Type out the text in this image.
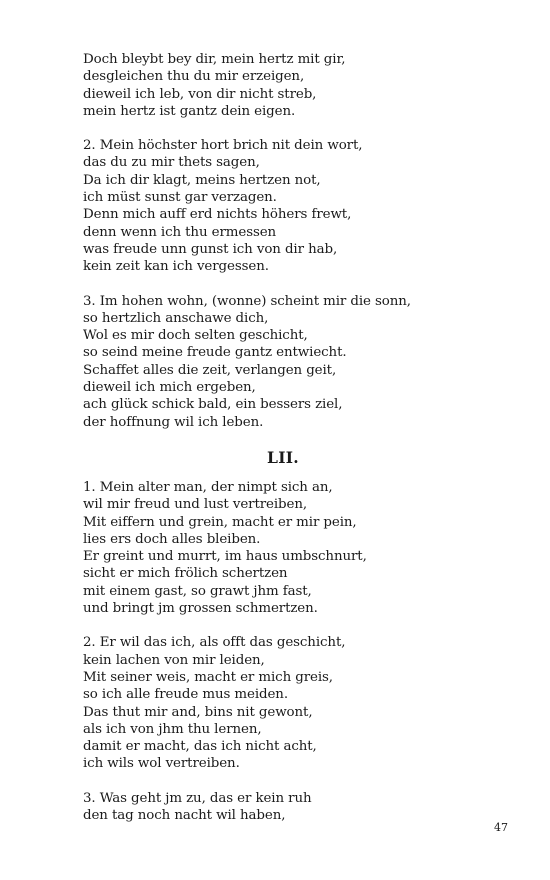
Doch bleybt bey dir, mein hertz mit gir,
desgleichen thu du mir erzeigen,
dieweil ich leb, von dir nicht streb,
mein hertz ist gantz dein eigen.
2. Mein höchster hort brich nit dein wort,
das du zu mir thets sagen,
Da ich dir klagt, meins hertzen not,
ich müst sunst gar verzagen.
Denn mich auff erd nichts höhers frewt,
denn wenn ich thu ermessen
was freude unn gunst ich von dir hab,
kein zeit kan ich vergessen.
3. Im hohen wohn, (wonne) scheint mir die sonn,
so hertzlich anschawe dich,
Wol es mir doch selten geschicht,
so seind meine freude gantz entwiecht.
Schaffet alles die zeit, verlangen geit,
dieweil ich mich ergeben,
ach glück schick bald, ein bessers ziel,
der hoffnung wil ich leben.
LII.
1. Mein alter man, der nimpt sich an,
wil mir freud und lust vertreiben,
Mit eiffern und grein, macht er mir pein,
lies ers doch alles bleiben.
Er greint und murrt, im haus umbschnurt,
sicht er mich frölich schertzen
mit einem gast, so grawt jhm fast,
und bringt jm grossen schmertzen.
2. Er wil das ich, als offt das geschicht,
kein lachen von mir leiden,
Mit seiner weis, macht er mich greis,
so ich alle freude mus meiden.
Das thut mir and, bins nit gewont,
als ich von jhm thu lernen,
damit er macht, das ich nicht acht,
ich wils wol vertreiben.
3. Was geht jm zu, das er kein ruh
den tag noch nacht wil haben,
47
